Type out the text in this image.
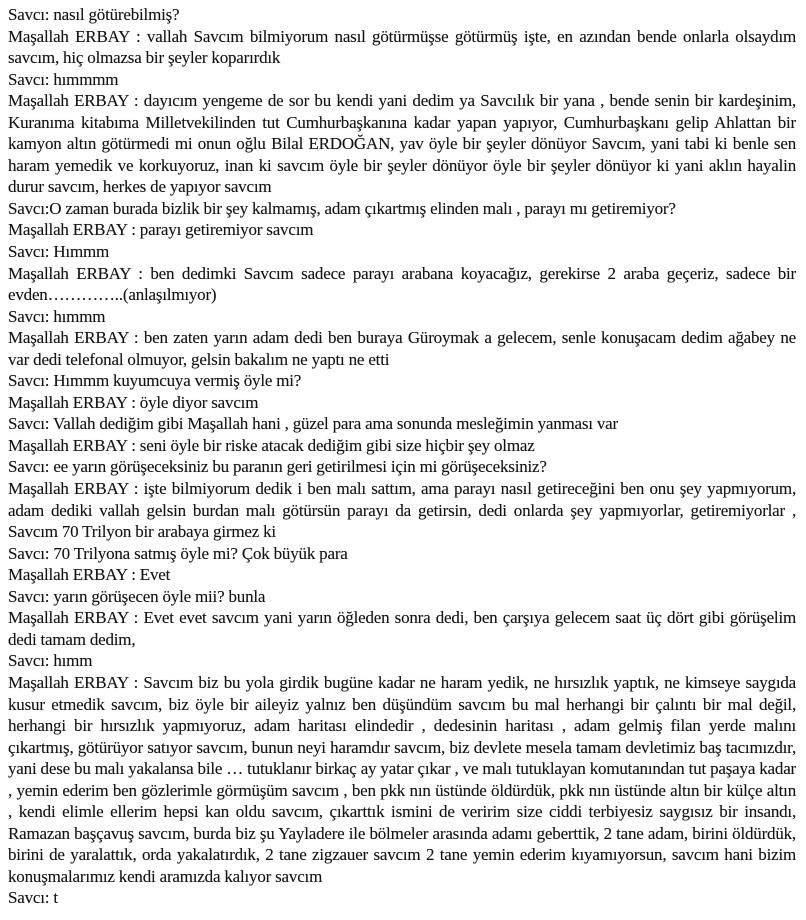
Savcı: nasıl götürebilmiş?

Maşallah ERBAY : vallah Savcım bilmiyorum nasıl götürmüşse götürmüş işte, en azından bende onlarla olsaydım savcım, hiç olmazsa bir şeyler koparırdık

Savcı: hımmmm

Maşallah ERBAY : dayıcım yengeme de sor bu kendi yani dedim ya Savcılık bir yana , bende senin bir kardeşinim, Kuranıma kitabıma Milletvekilinden tut Cumhurbaşkanına kadar yapan yapıyor, Cumhurbaşkanı gelip Ahlattan bir kamyon altın götürmedi mi onun oğlu Bilal ERDOĞAN, yav öyle bir şeyler dönüyor Savcım, yani tabi ki benle sen haram yemedik ve korkuyoruz, inan ki savcım öyle bir şeyler dönüyor öyle bir şeyler dönüyor ki yani aklın hayalin durur savcım, herkes de yapıyor savcım

Savcı:O zaman burada bizlik bir şey kalmamış, adam çıkartmış elinden malı , parayı mı getiremiyor?

Maşallah ERBAY : parayı getiremiyor savcım

Savcı: Hımmm

Maşallah ERBAY : ben dedimki Savcım sadece parayı arabana koyacağız, gerekirse 2 araba geçeriz, sadece bir evden…………..(anlaşılmıyor)

Savcı: hımmm

Maşallah ERBAY : ben zaten yarın adam dedi ben buraya Güroymak a gelecem, senle konuşacam dedim ağabey ne var dedi telefonal olmuyor, gelsin bakalım ne yaptı ne etti

Savcı: Hımmm kuyumcuya vermiş öyle mi?

Maşallah ERBAY : öyle diyor savcım

Savcı: Vallah dediğim gibi Maşallah hani , güzel para ama sonunda mesleğimin yanması var

Maşallah ERBAY : seni öyle bir riske atacak dediğim gibi size hiçbir şey olmaz

Savcı: ee yarın görüşeceksiniz bu paranın geri getirilmesi için mi görüşeceksiniz?

Maşallah ERBAY : işte bilmiyorum dedik i ben malı sattım, ama parayı nasıl getireceğini ben onu şey yapmıyorum, adam dediki vallah gelsin burdan malı götürsün parayı da getirsin, dedi onlarda şey yapmıyorlar, getiremiyorlar , Savcım 70 Trilyon bir arabaya girmez ki

Savcı: 70 Trilyona satmış öyle mi? Çok büyük para

Maşallah ERBAY : Evet

Savcı: yarın görüşecen öyle mii? bunla

Maşallah ERBAY : Evet evet savcım yani yarın öğleden sonra dedi, ben çarşıya gelecem saat üç dört gibi görüşelim dedi tamam dedim,

Savcı: hımm

Maşallah ERBAY : Savcım biz bu yola girdik bugüne kadar ne haram yedik, ne hırsızlık yaptık, ne kimseye saygıda kusur etmedik savcım, biz öyle bir aileyiz yalnız ben düşündüm savcım bu mal herhangi bir çalıntı bir mal değil, herhangi bir hırsızlık yapmıyoruz, adam haritası elindedir , dedesinin haritası , adam gelmiş filan yerde malını çıkartmış, götürüyor satıyor savcım, bunun neyi haramdır savcım, biz devlete mesela tamam devletimiz baş tacımızdır, yani dese bu malı yakalansa bile … tutuklanır birkaç ay yatar çıkar , ve malı tutuklayan komutanından tut paşaya kadar , yemin ederim ben gözlerimle görmüşüm savcım , ben pkk nın üstünde öldürdük, pkk nın üstünde altın bir külçe altın , kendi elimle ellerim hepsi kan oldu savcım, çıkarttık ismini de veririm size ciddi terbiyesiz saygısız bir insandı, Ramazan başçavuş savcım, burda biz şu Yayladere ile bölmeler arasında adamı geberttik, 2 tane adam, birini öldürdük, birini de yaralattık, orda yakalatırdık, 2 tane zigzauer savcım 2 tane yemin ederim kıyamıyorsun, savcım hani bizim konuşmalarımız kendi aramızda kalıyor savcım

Savcı: t
